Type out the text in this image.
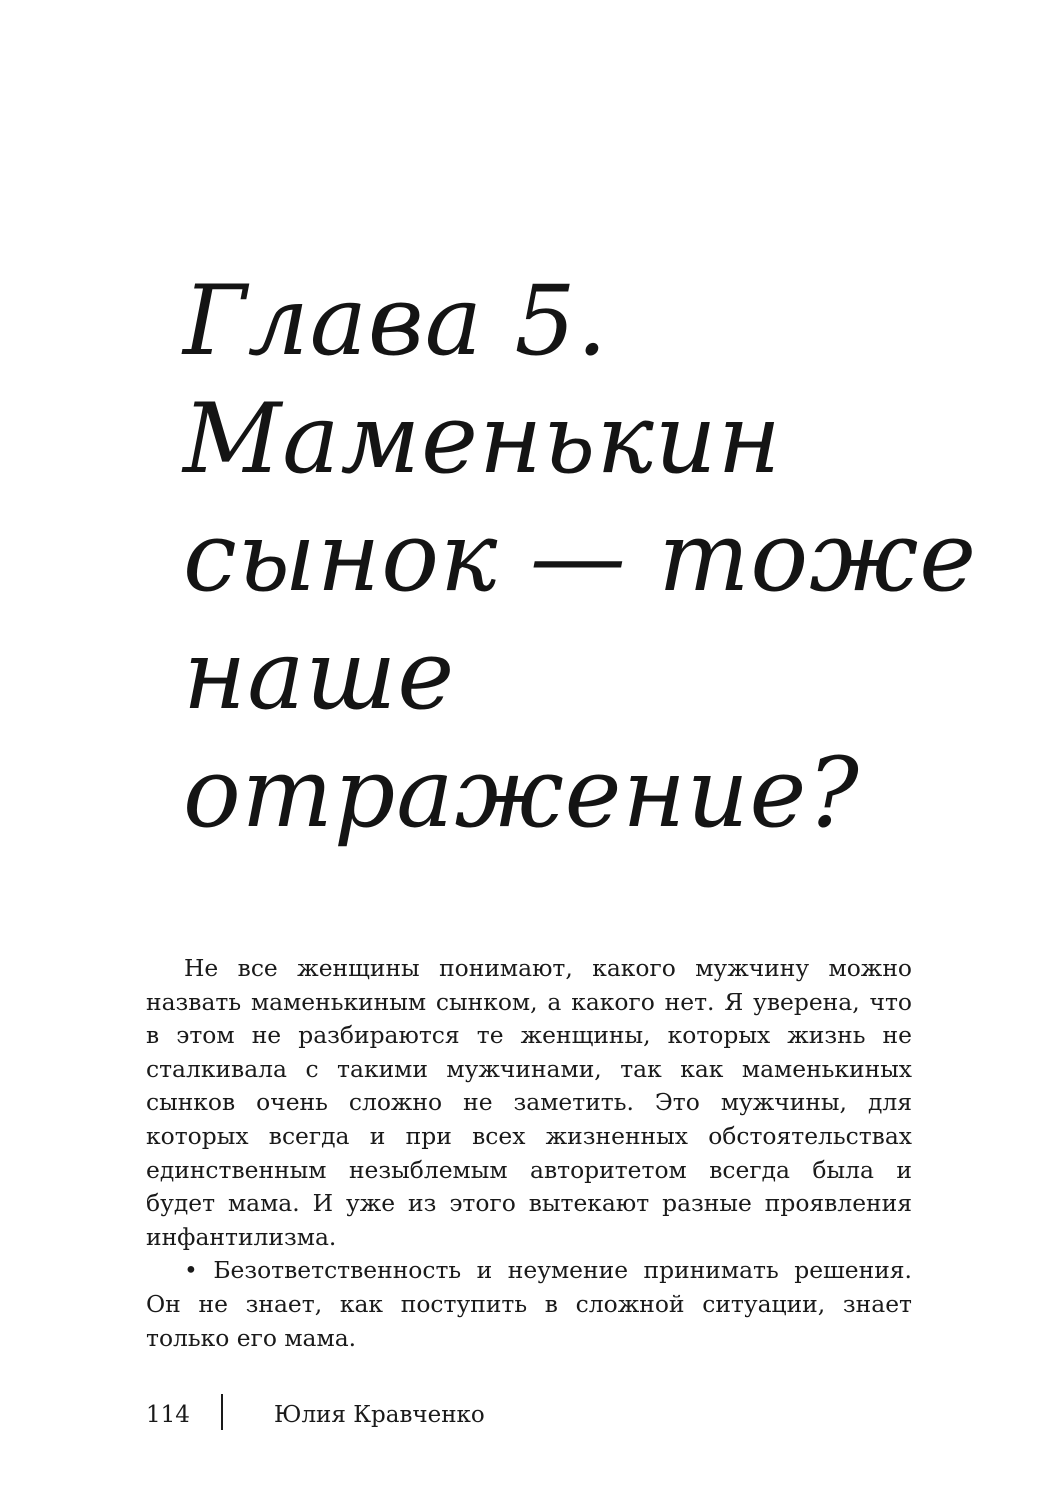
Глава 5.
Маменькин
сынок — тоже
наше
отражение?

Не все женщины понимают, какого мужчину можно назвать маменькиным сынком, а какого нет. Я уверена, что в этом не разбираются те женщины, которых жизнь не сталкивала с такими мужчинами, так как маменькиных сынков очень сложно не заметить. Это мужчины, для которых всегда и при всех жизненных обстоятельствах единственным незыблемым авторитетом всегда была и будет мама. И уже из этого вытекают разные проявления инфантилизма.

• Безответственность и неумение принимать решения. Он не знает, как поступить в сложной ситуации, знает только его мама.

114	Юлия Кравченко
